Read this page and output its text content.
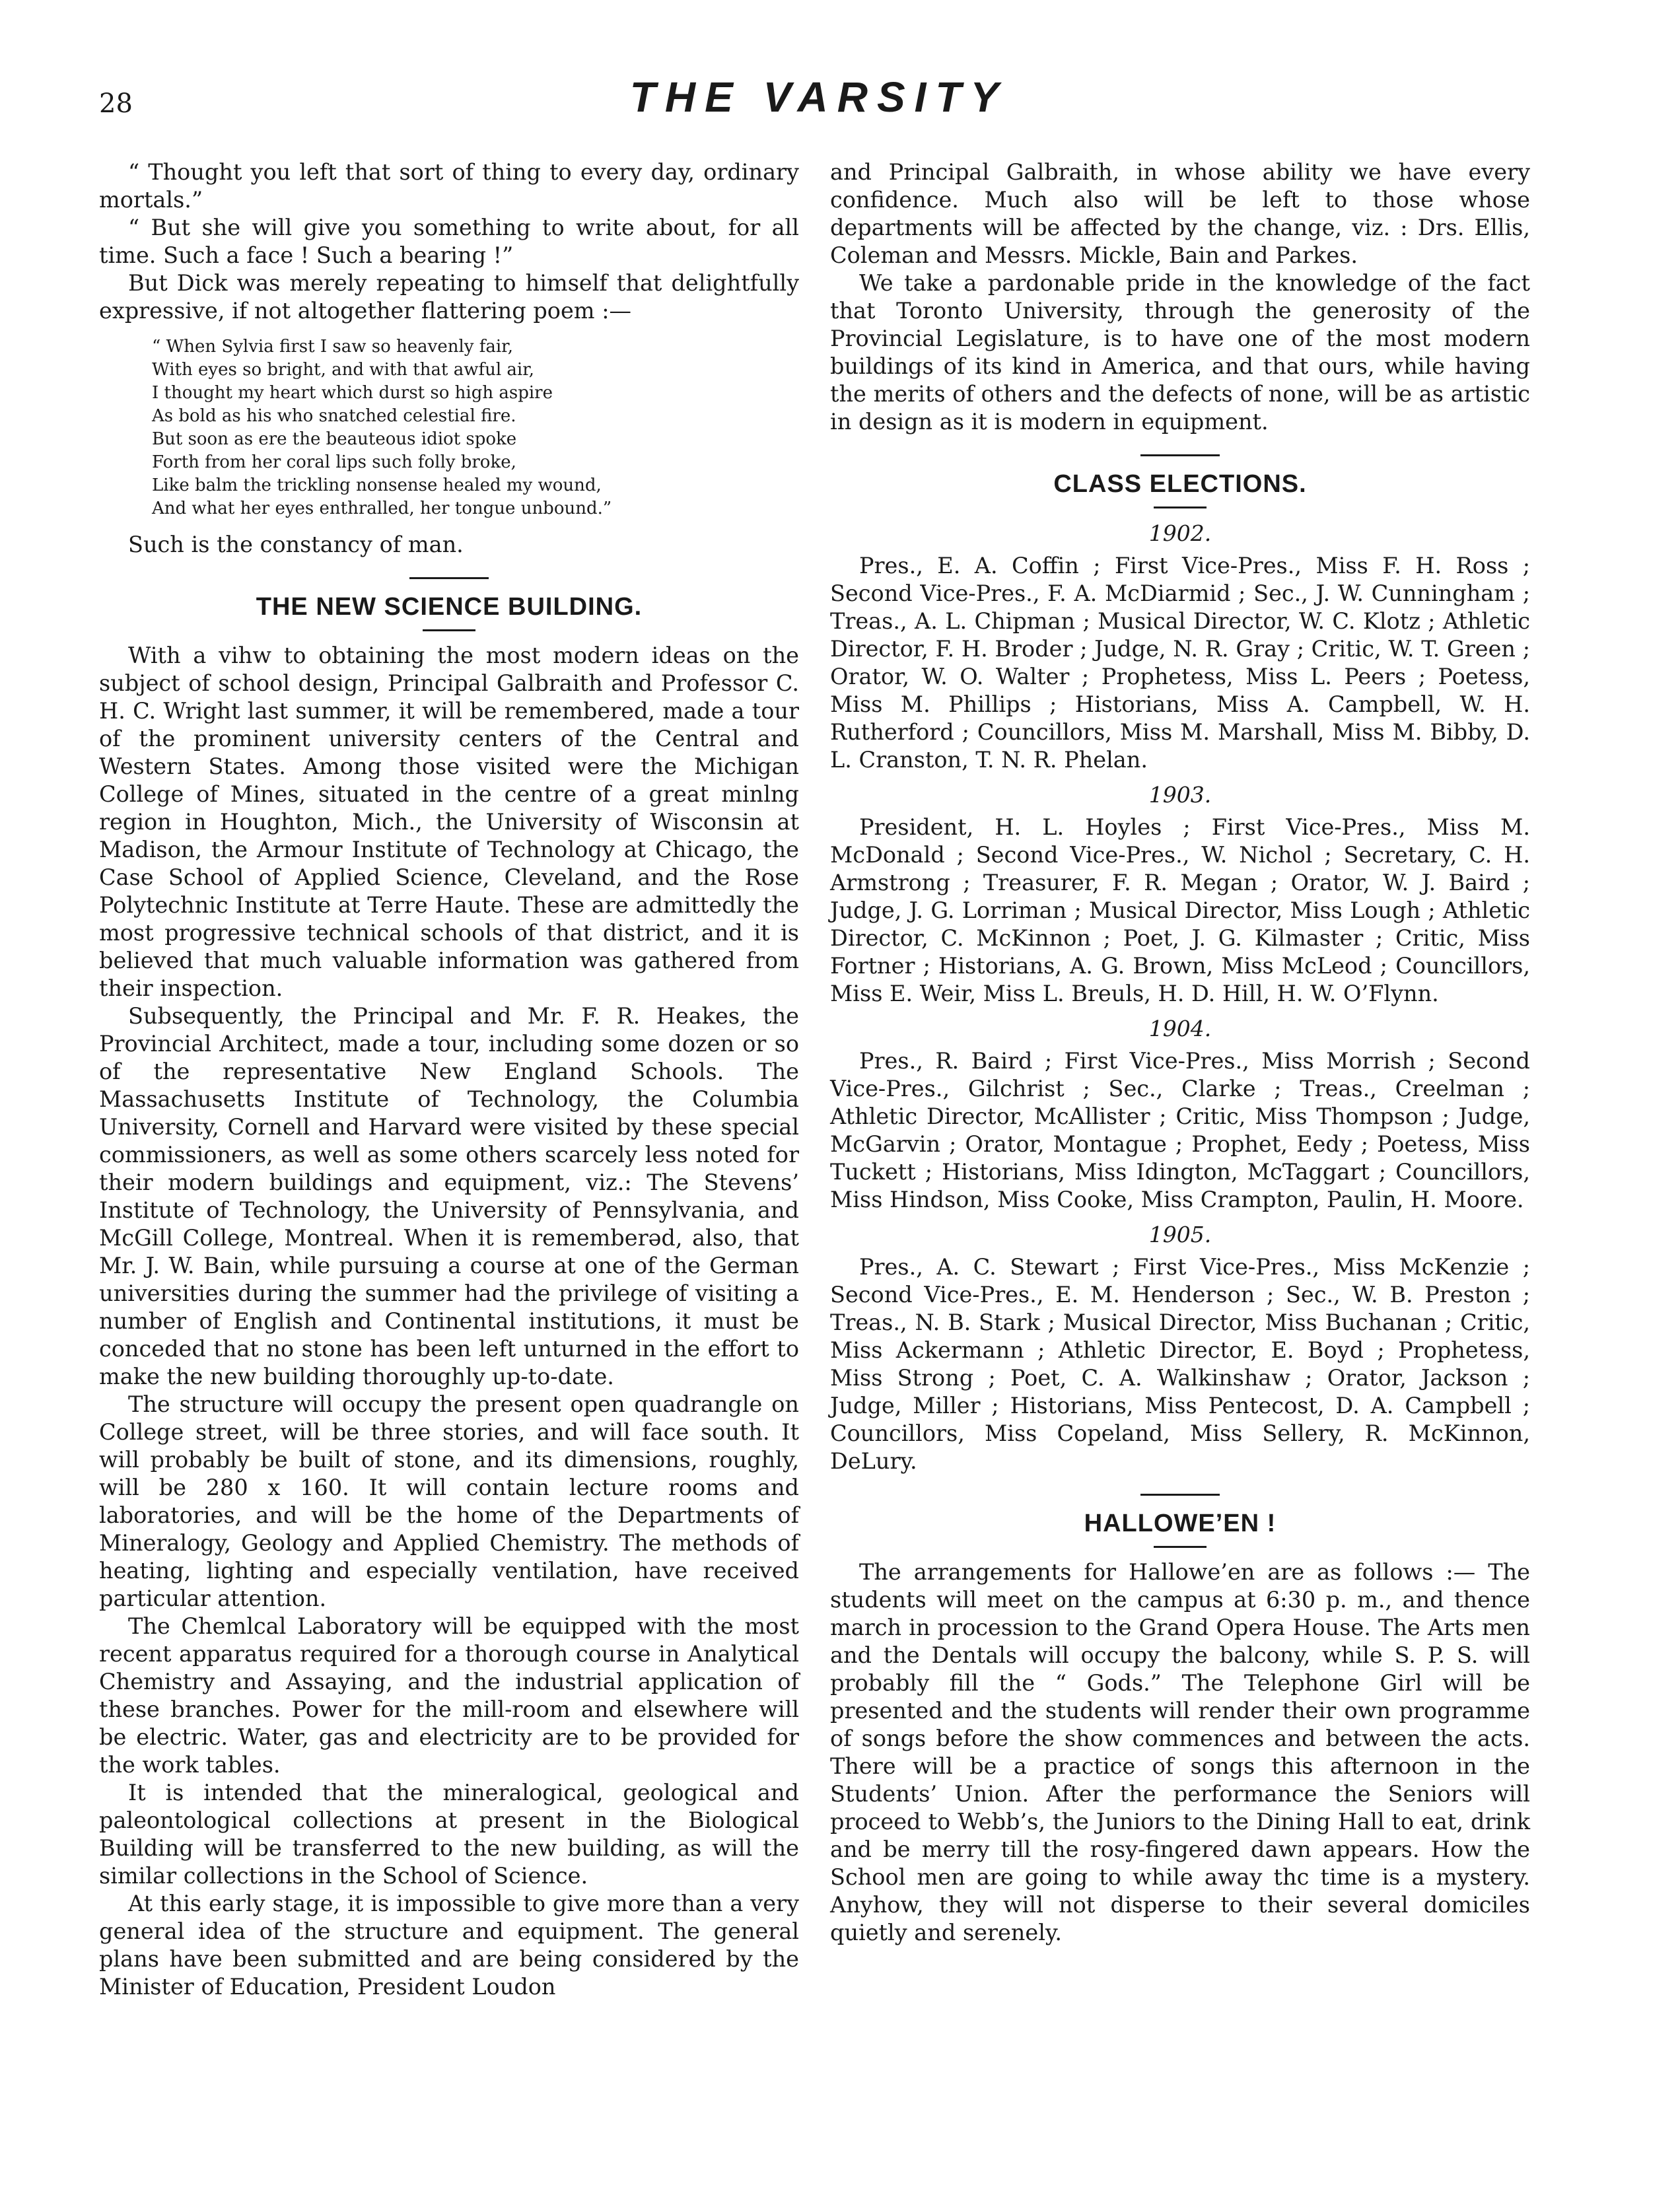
28	THE VARSITY

“ Thought you left that sort of thing to every day, ordinary mortals.”

“ But she will give you something to write about, for all time. Such a face ! Such a bearing !”

But Dick was merely repeating to himself that delightfully expressive, if not altogether flattering poem :—

“ When Sylvia first I saw so heavenly fair,
With eyes so bright, and with that awful air,
I thought my heart which durst so high aspire
As bold as his who snatched celestial fire.
But soon as ere the beauteous idiot spoke
Forth from her coral lips such folly broke,
Like balm the trickling nonsense healed my wound,
And what her eyes enthralled, her tongue unbound.”

Such is the constancy of man.

THE NEW SCIENCE BUILDING.

With a vihw to obtaining the most modern ideas on the subject of school design, Principal Galbraith and Professor C. H. C. Wright last summer, it will be remembered, made a tour of the prominent university centers of the Central and Western States. Among those visited were the Michigan College of Mines, situated in the centre of a great minlng region in Houghton, Mich., the University of Wisconsin at Madison, the Armour Institute of Technology at Chicago, the Case School of Applied Science, Cleveland, and the Rose Polytechnic Institute at Terre Haute. These are admittedly the most progressive technical schools of that district, and it is believed that much valuable information was gathered from their inspection.

Subsequently, the Principal and Mr. F. R. Heakes, the Provincial Architect, made a tour, including some dozen or so of the representative New England Schools. The Massachusetts Institute of Technology, the Columbia University, Cornell and Harvard were visited by these special commissioners, as well as some others scarcely less noted for their modern buildings and equipment, viz.: The Stevens’ Institute of Technology, the University of Pennsylvania, and McGill College, Montreal. When it is rememberəd, also, that Mr. J. W. Bain, while pursuing a course at one of the German universities during the summer had the privilege of visiting a number of English and Continental institutions, it must be conceded that no stone has been left unturned in the effort to make the new building thoroughly up-to-date.

The structure will occupy the present open quadrangle on College street, will be three stories, and will face south. It will probably be built of stone, and its dimensions, roughly, will be 280 x 160. It will contain lecture rooms and laboratories, and will be the home of the Departments of Mineralogy, Geology and Applied Chemistry. The methods of heating, lighting and especially ventilation, have received particular attention.

The Chemlcal Laboratory will be equipped with the most recent apparatus required for a thorough course in Analytical Chemistry and Assaying, and the industrial application of these branches. Power for the mill-room and elsewhere will be electric. Water, gas and electricity are to be provided for the work tables.

It is intended that the mineralogical, geological and paleontological collections at present in the Biological Building will be transferred to the new building, as will the similar collections in the School of Science.

At this early stage, it is impossible to give more than a very general idea of the structure and equipment. The general plans have been submitted and are being considered by the Minister of Education, President Loudon

and Principal Galbraith, in whose ability we have every confidence. Much also will be left to those whose departments will be affected by the change, viz. : Drs. Ellis, Coleman and Messrs. Mickle, Bain and Parkes.

We take a pardonable pride in the knowledge of the fact that Toronto University, through the generosity of the Provincial Legislature, is to have one of the most modern buildings of its kind in America, and that ours, while having the merits of others and the defects of none, will be as artistic in design as it is modern in equipment.

CLASS ELECTIONS.
1902.

Pres., E. A. Coffin ; First Vice-Pres., Miss F. H. Ross ; Second Vice-Pres., F. A. McDiarmid ; Sec., J. W. Cunningham ; Treas., A. L. Chipman ; Musical Director, W. C. Klotz ; Athletic Director, F. H. Broder ; Judge, N. R. Gray ; Critic, W. T. Green ; Orator, W. O. Walter ; Prophetess, Miss L. Peers ; Poetess, Miss M. Phillips ; Historians, Miss A. Campbell, W. H. Rutherford ; Councillors, Miss M. Marshall, Miss M. Bibby, D. L. Cranston, T. N. R. Phelan.

1903.

President, H. L. Hoyles ; First Vice-Pres., Miss M. McDonald ; Second Vice-Pres., W. Nichol ; Secretary, C. H. Armstrong ; Treasurer, F. R. Megan ; Orator, W. J. Baird ; Judge, J. G. Lorriman ; Musical Director, Miss Lough ; Athletic Director, C. McKinnon ; Poet, J. G. Kilmaster ; Critic, Miss Fortner ; Historians, A. G. Brown, Miss McLeod ; Councillors, Miss E. Weir, Miss L. Breuls, H. D. Hill, H. W. O’Flynn.

1904.

Pres., R. Baird ; First Vice-Pres., Miss Morrish ; Second Vice-Pres., Gilchrist ; Sec., Clarke ; Treas., Creelman ; Athletic Director, McAllister ; Critic, Miss Thompson ; Judge, McGarvin ; Orator, Montague ; Prophet, Eedy ; Poetess, Miss Tuckett ; Historians, Miss Idington, McTaggart ; Councillors, Miss Hindson, Miss Cooke, Miss Crampton, Paulin, H. Moore.

1905.

Pres., A. C. Stewart ; First Vice-Pres., Miss McKenzie ; Second Vice-Pres., E. M. Henderson ; Sec., W. B. Preston ; Treas., N. B. Stark ; Musical Director, Miss Buchanan ; Critic, Miss Ackermann ; Athletic Director, E. Boyd ; Prophetess, Miss Strong ; Poet, C. A. Walkinshaw ; Orator, Jackson ; Judge, Miller ; Historians, Miss Pentecost, D. A. Campbell ; Councillors, Miss Copeland, Miss Sellery, R. McKinnon, DeLury.

HALLOWE’EN !

The arrangements for Hallowe’en are as follows :— The students will meet on the campus at 6:30 p. m., and thence march in procession to the Grand Opera House. The Arts men and the Dentals will occupy the balcony, while S. P. S. will probably fill the “ Gods.” The Telephone Girl will be presented and the students will render their own programme of songs before the show commences and between the acts. There will be a practice of songs this afternoon in the Students’ Union. After the performance the Seniors will proceed to Webb’s, the Juniors to the Dining Hall to eat, drink and be merry till the rosy-fingered dawn appears. How the School men are going to while away thc time is a mystery. Anyhow, they will not disperse to their several domiciles quietly and serenely.
